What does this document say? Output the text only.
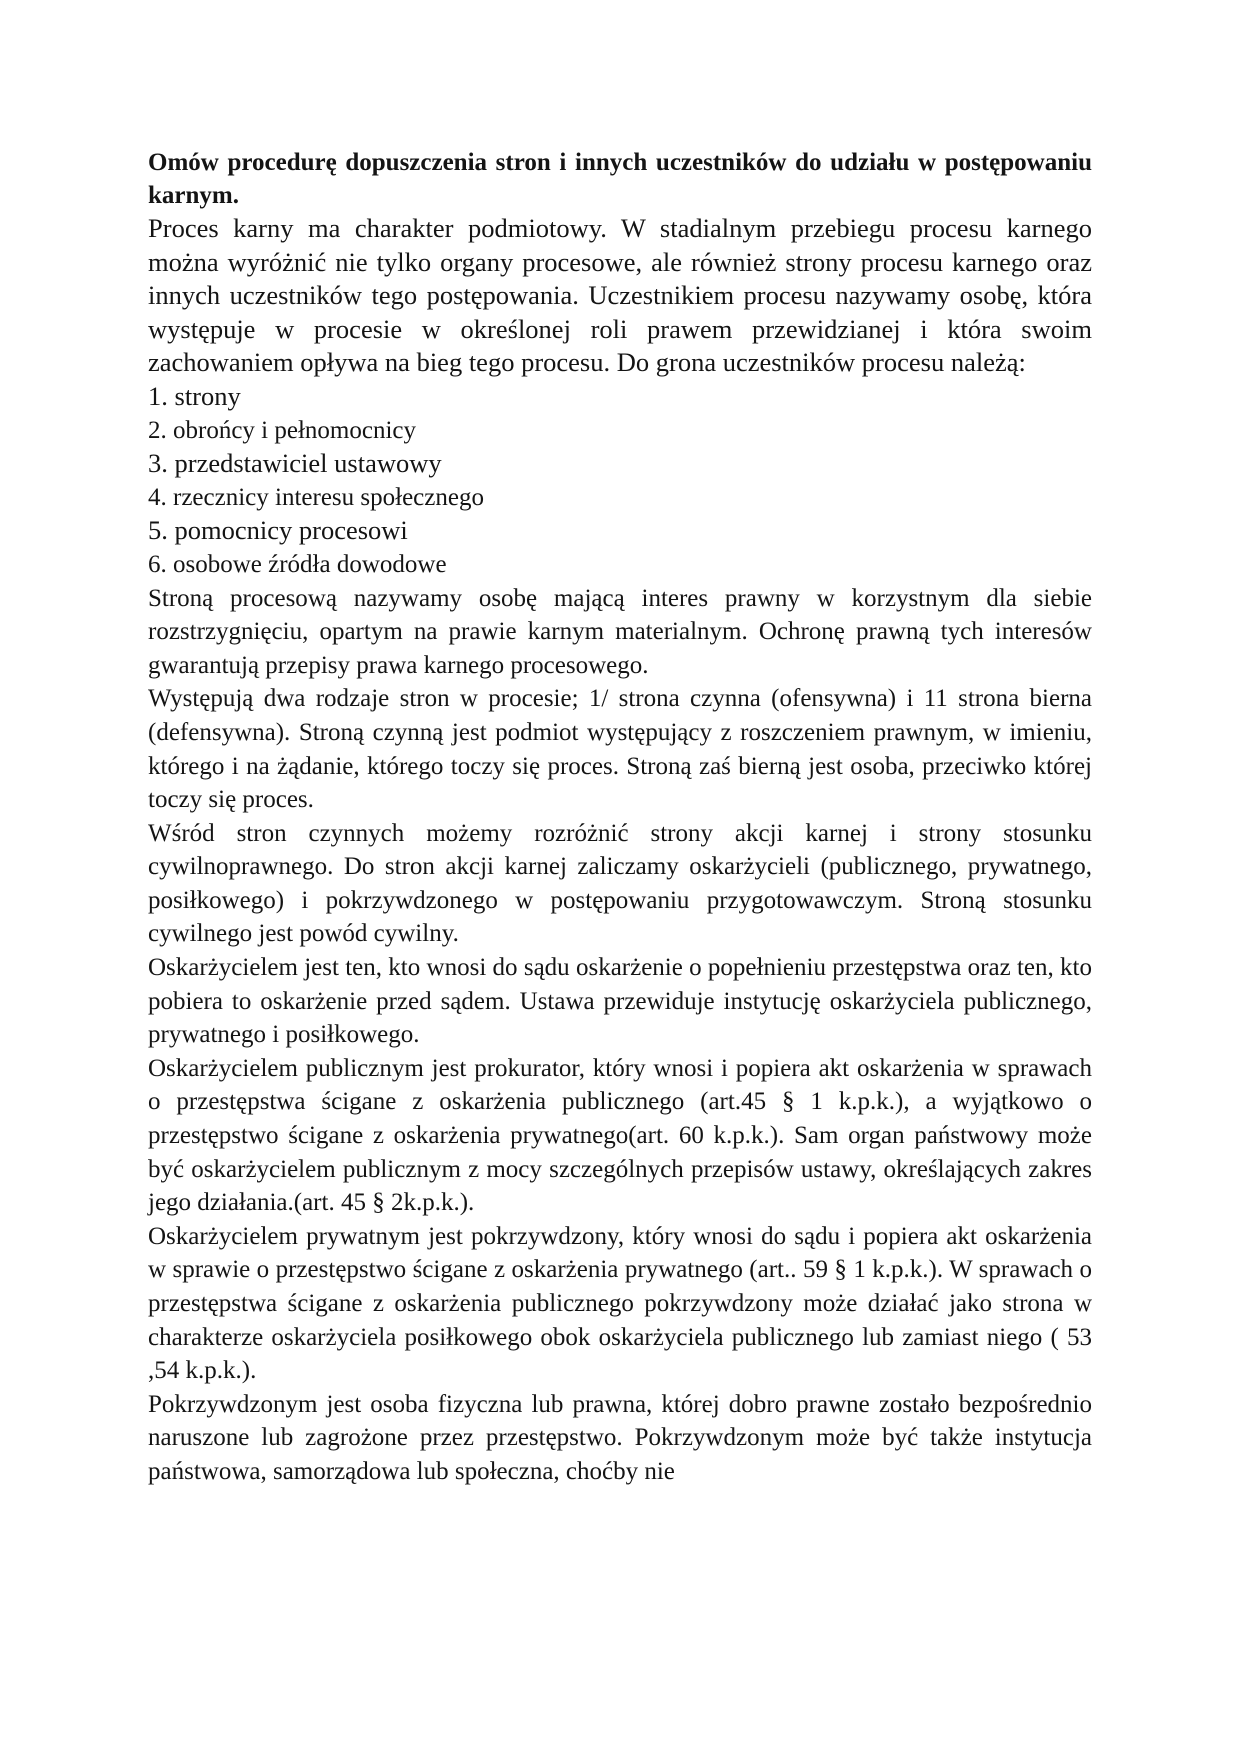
Omów procedurę dopuszczenia stron i innych uczestników do udziału w postępowaniu karnym.

Proces karny ma charakter podmiotowy. W stadialnym przebiegu procesu karnego można wyróżnić nie tylko organy procesowe, ale również strony procesu karnego oraz innych uczestników tego postępowania. Uczestnikiem procesu nazywamy osobę, która występuje w procesie w określonej roli prawem przewidzianej i która swoim zachowaniem opływa na bieg tego procesu. Do grona uczestników procesu należą:

1. strony
2. obrońcy i pełnomocnicy
3. przedstawiciel ustawowy
4. rzecznicy interesu społecznego
5. pomocnicy procesowi
6. osobowe źródła dowodowe

Stroną procesową nazywamy osobę mającą interes prawny w korzystnym dla siebie rozstrzygnięciu, opartym na prawie karnym materialnym. Ochronę prawną tych interesów gwarantują przepisy prawa karnego procesowego.

Występują dwa rodzaje stron w procesie; 1/ strona czynna (ofensywna) i 11 strona bierna (defensywna). Stroną czynną jest podmiot występujący z roszczeniem prawnym, w imieniu, którego i na żądanie, którego toczy się proces. Stroną zaś bierną jest osoba, przeciwko której toczy się proces.

Wśród stron czynnych możemy rozróżnić strony akcji karnej i strony stosunku cywilnoprawnego. Do stron akcji karnej zaliczamy oskarżycieli (publicznego, prywatnego, posiłkowego) i pokrzywdzonego w postępowaniu przygotowawczym. Stroną stosunku cywilnego jest powód cywilny.

Oskarżycielem jest ten, kto wnosi do sądu oskarżenie o popełnieniu przestępstwa oraz ten, kto pobiera to oskarżenie przed sądem. Ustawa przewiduje instytucję oskarżyciela publicznego, prywatnego i posiłkowego.

Oskarżycielem publicznym jest prokurator, który wnosi i popiera akt oskarżenia w sprawach o przestępstwa ścigane z oskarżenia publicznego (art.45 § 1 k.p.k.), a wyjątkowo o przestępstwo ścigane z oskarżenia prywatnego(art. 60 k.p.k.). Sam organ państwowy może być oskarżycielem publicznym z mocy szczególnych przepisów ustawy, określających zakres jego działania.(art. 45 § 2k.p.k.).

Oskarżycielem prywatnym jest pokrzywdzony, który wnosi do sądu i popiera akt oskarżenia w sprawie o przestępstwo ścigane z oskarżenia prywatnego (art.. 59 § 1 k.p.k.). W sprawach o przestępstwa ścigane z oskarżenia publicznego pokrzywdzony może działać jako strona w charakterze oskarżyciela posiłkowego obok oskarżyciela publicznego lub zamiast niego ( 53 ,54 k.p.k.).

Pokrzywdzonym jest osoba fizyczna lub prawna, której dobro prawne zostało bezpośrednio naruszone lub zagrożone przez przestępstwo. Pokrzywdzonym może być także instytucja państwowa, samorządowa lub społeczna, choćby nie
